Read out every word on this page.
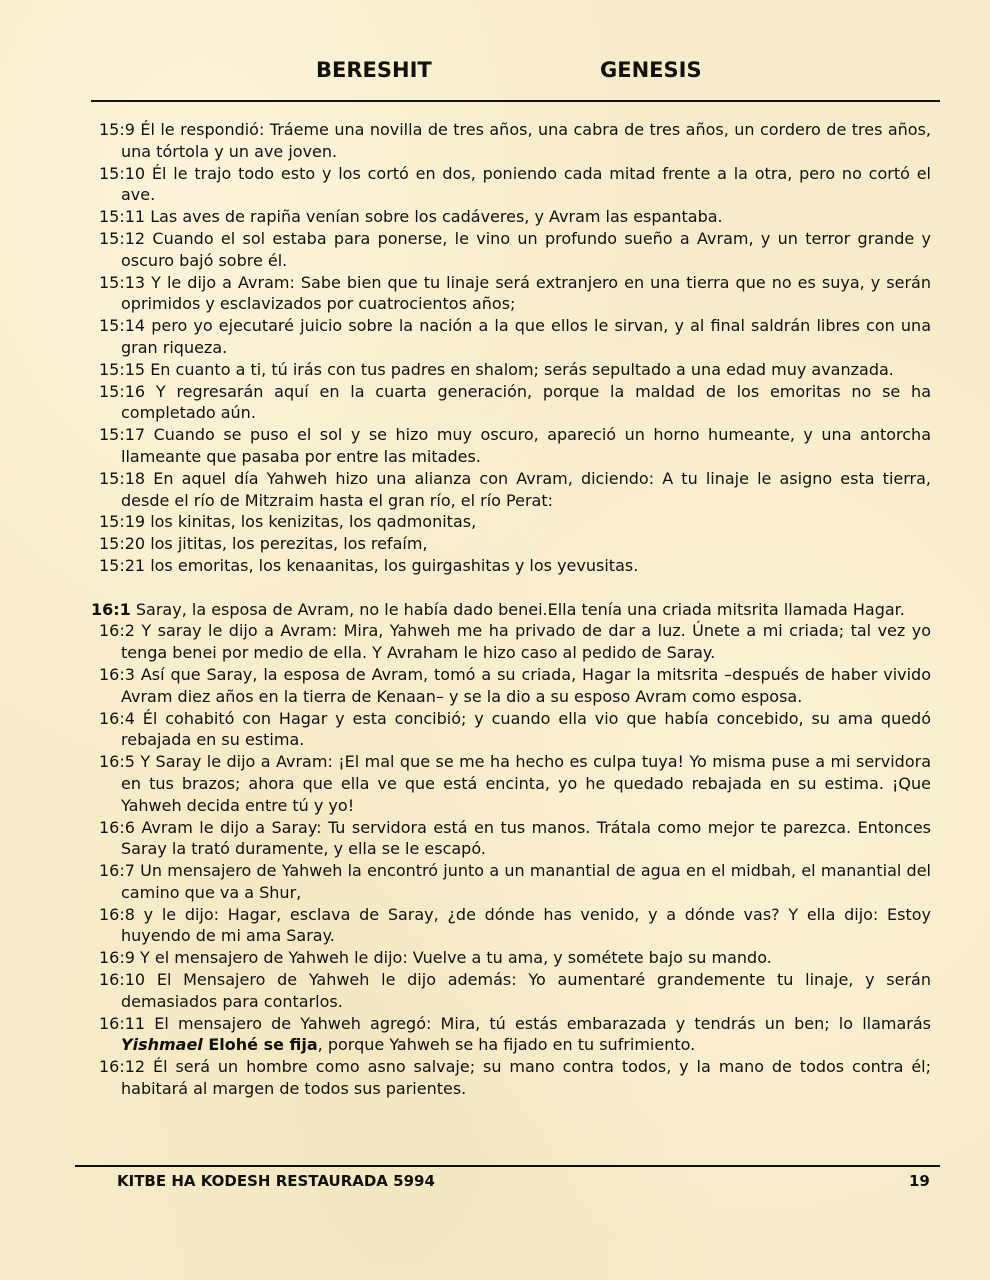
BERESHIT	GENESIS
15:9 Él le respondió: Tráeme una novilla de tres años, una cabra de tres años, un cordero de tres años, una tórtola y un ave joven.
15:10 Él le trajo todo esto y los cortó en dos, poniendo cada mitad frente a la otra, pero no cortó el ave.
15:11 Las aves de rapiña venían sobre los cadáveres, y Avram las espantaba.
15:12 Cuando el sol estaba para ponerse, le vino un profundo sueño a Avram, y un terror grande y oscuro bajó sobre él.
15:13 Y le dijo a Avram: Sabe bien que tu linaje será extranjero en una tierra que no es suya, y serán oprimidos y esclavizados por cuatrocientos años;
15:14 pero yo ejecutaré juicio sobre la nación a la que ellos le sirvan, y al final saldrán libres con una gran riqueza.
15:15 En cuanto a ti, tú irás con tus padres en shalom; serás sepultado a una edad muy avanzada.
15:16 Y regresarán aquí en la cuarta generación, porque la maldad de los emoritas no se ha completado aún.
15:17 Cuando se puso el sol y se hizo muy oscuro, apareció un horno humeante, y una antorcha llameante que pasaba por entre las mitades.
15:18 En aquel día Yahweh hizo una alianza con Avram, diciendo: A tu linaje le asigno esta tierra, desde el río de Mitzraim hasta el gran río, el río Perat:
15:19 los kinitas, los kenizitas, los qadmonitas,
15:20 los jititas, los perezitas, los refaím,
15:21 los emoritas, los kenaanitas, los guirgashitas y los yevusitas.
16:1 Saray, la esposa de Avram, no le había dado benei.Ella tenía una criada mitsrita llamada Hagar.
16:2 Y saray le dijo a Avram: Mira, Yahweh me ha privado de dar a luz. Únete a mi criada; tal vez yo tenga benei por medio de ella. Y Avraham le hizo caso al pedido de Saray.
16:3 Así que Saray, la esposa de Avram, tomó a su criada, Hagar la mitsrita –después de haber vivido Avram diez años en la tierra de Kenaan– y se la dio a su esposo Avram como esposa.
16:4 Él cohabitó con Hagar y esta concibió; y cuando ella vio que había concebido, su ama quedó rebajada en su estima.
16:5 Y Saray le dijo a Avram: ¡El mal que se me ha hecho es culpa tuya! Yo misma puse a mi servidora en tus brazos; ahora que ella ve que está encinta, yo he quedado rebajada en su estima. ¡Que Yahweh decida entre tú y yo!
16:6 Avram le dijo a Saray: Tu servidora está en tus manos. Trátala como mejor te parezca. Entonces Saray la trató duramente, y ella se le escapó.
16:7 Un mensajero de Yahweh la encontró junto a un manantial de agua en el midbah, el manantial del camino que va a Shur,
16:8 y le dijo: Hagar, esclava de Saray, ¿de dónde has venido, y a dónde vas? Y ella dijo: Estoy huyendo de mi ama Saray.
16:9 Y el mensajero de Yahweh le dijo: Vuelve a tu ama, y sométete bajo su mando.
16:10 El Mensajero de Yahweh le dijo además: Yo aumentaré grandemente tu linaje, y serán demasiados para contarlos.
16:11 El mensajero de Yahweh agregó: Mira, tú estás embarazada y tendrás un ben; lo llamarás Yishmael Elohé se fija, porque Yahweh se ha fijado en tu sufrimiento.
16:12 Él será un hombre como asno salvaje; su mano contra todos, y la mano de todos contra él; habitará al margen de todos sus parientes.
KITBE HA KODESH RESTAURADA 5994	19
